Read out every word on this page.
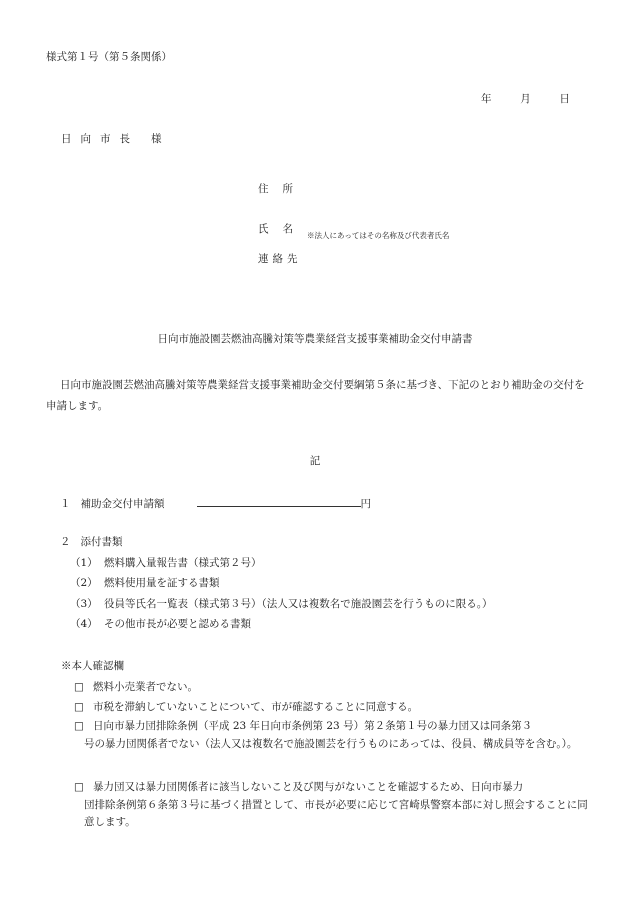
様式第１号（第５条関係）
年	月	日
日向市長 様
住所
氏名$_{※法人にあってはその名称及び代表者氏名}$
連絡先
日向市施設園芸燃油高騰対策等農業経営支援事業補助金交付申請書
日向市施設園芸燃油高騰対策等農業経営支援事業補助金交付要綱第５条に基づき、下記のとおり補助金の交付を申請します。
記
１ 補助金交付申請額	円
２ 添付書類
（1） 燃料購入量報告書（様式第２号）
（2） 燃料使用量を証する書類
（3） 役員等氏名一覧表（様式第３号）（法人又は複数名で施設園芸を行うものに限る。）
（4） その他市長が必要と認める書類
※本人確認欄
□ 燃料小売業者でない。
□ 市税を滞納していないことについて、市が確認することに同意する。
□ 日向市暴力団排除条例（平成 23 年日向市条例第 23 号）第２条第１号の暴力団又は同条第３
号の暴力団関係者でない（法人又は複数名で施設園芸を行うものにあっては、役員、構成員等を含む。）。
□ 暴力団又は暴力団関係者に該当しないこと及び関与がないことを確認するため、日向市暴力
団排除条例第６条第３号に基づく措置として、市長が必要に応じて宮崎県警察本部に対し照会することに同意します。
